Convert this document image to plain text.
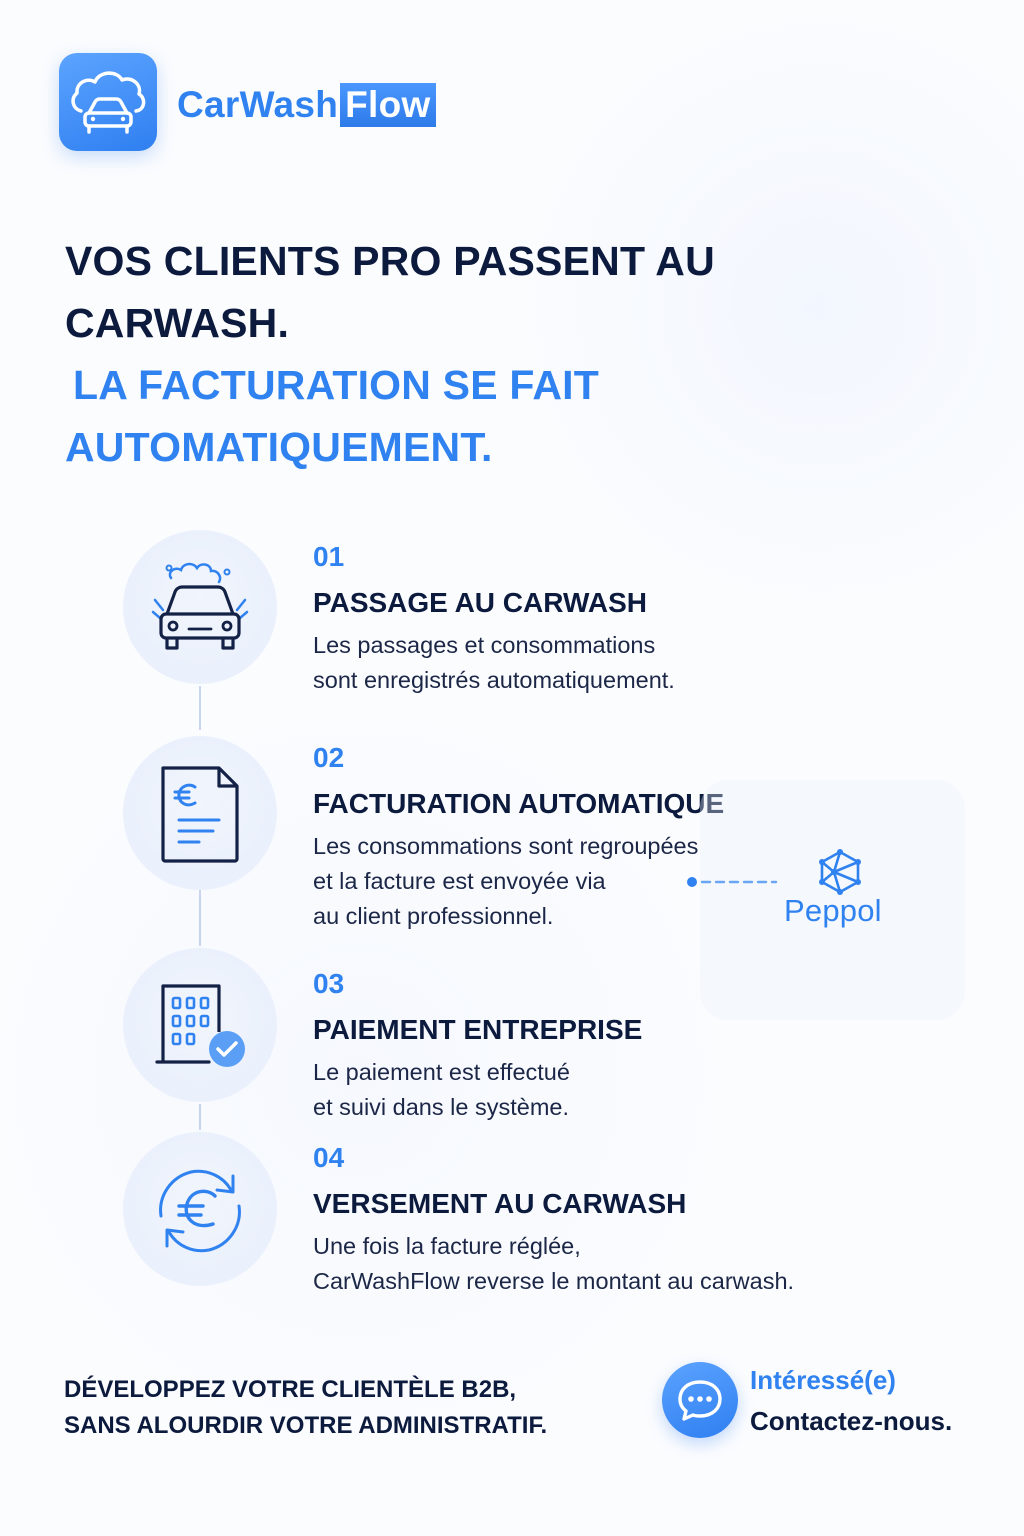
CarWash Flow
VOS CLIENTS PRO PASSENT AU
CARWASH.
LA FACTURATION SE FAIT
AUTOMATIQUEMENT.
01
PASSAGE AU CARWASH
Les passages et consommations
sont enregistrés automatiquement.
02
FACTURATION AUTOMATIQUE
Les consommations sont regroupées
et la facture est envoyée via
au client professionnel.
03
PAIEMENT ENTREPRISE
Le paiement est effectué
et suivi dans le système.
04
VERSEMENT AU CARWASH
Une fois la facture réglée,
CarWashFlow reverse le montant au carwash.
Peppol
DÉVELOPPEZ VOTRE CLIENTÈLE B2B,
SANS ALOURDIR VOTRE ADMINISTRATIF.
Intéressé(e)
Contactez-nous.
